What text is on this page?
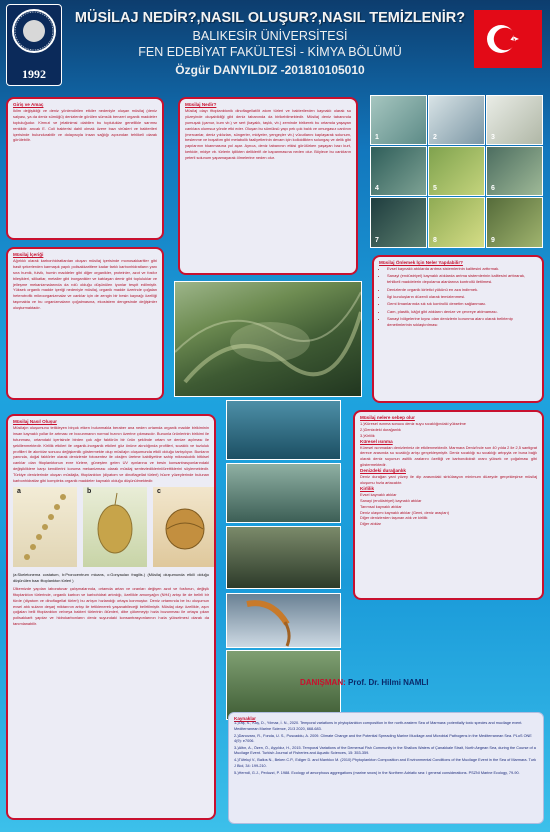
1992
MÜSİLAJ NEDİR?,NASIL OLUŞUR?,NASIL TEMİZLENİR?
BALIKESİR ÜNİVERSİTESİ
FEN EDEBİYAT FAKÜLTESİ - KİMYA BÖLÜMÜ
Özgür DANYILDIZ -201810105010
Giriş ve Amaç

İklim değişikliği ve deniz yönlendirilen etkiler nedeniyle oluşan müsilaj (deniz salyası, ya da deniz sümüğü) denizlerde görülen sümsük benzeri organik maddeler topluluğudur. Kirmızi ve jelatinimsi olabilen bu topluluklar genellikle sarımsı renklidir. ancak E. Coli bakterisi dahil olmak üzere bazı virüsleri ve bakterileri içerisinde bulundurabilir ve dolayısıyla insan sağlığı açısından tehlikeli olarak görülebilir.

Müsilaj Nedir?

Müsilaj olayı fitoplanktonik dinoflagellat/lit atom türleri ve bakterilerden kaynaklı olarak su yüzeyinde oluşabildiği gibi deniz tabanında da birikebilmektedir. Müsilaj deniz tabanında yumuşak (çamur, kum vb.) ve sert (kayalık, taşlık, vb.) zeminde birikerek bu ortamda yaşayan canlılara olumsuz yönde etki eder. Oluşan bu sümüksü yapı pek çok balık ve omurgasız canlının (mercanlar, deniz yıldızları, süngerler, midyeler, yengeçler vb.) vücutlarını kaplayarak solunum, beslenme ve boşaltım gibi metabolik faaliyetlerinin devam için kolloidlikten solungaç ve delik gibi yapılarının tıkanmasına yol açar. Ayrıca, deniz tabanının etkisi görülürken yaşayan bazı kurt, kerkide, midye vb. türlerin içilikten delikleriñ de kapanmasına neden olur. Böylece bu canlıların yeterli solunum yapamayarak ölmelerine neden olur.

Müsilaj İçeriği

Ağırlıklı olarak karbonhidratlardan oluşan müsilaj içerisinde monosakkaritler gibi basit şekerlerden karmaşık yapılı polisakkaritlere kadar farklı karbonhidratların yanı sıra humik, fulvik, humin maddeler gibi diğer organikler, proteinler, azot ve fosfor bileşikleri, silikatlar, metaller gibi inorganikler ve katılayan demir gibi topluluklar ve jelleşme mekanizmalarında da rolü olduğu düşünülen iyonlar tespit edilmiştir. Yüksek organik madde içeriği nedeniyle müsilaj, organik madde üzerinde çoğalan heterotrofik mikroorganizmalar ve canlılar için de zengin bir besin kaynağı özelliği taşımakta ve bu organizmaların çoğalmasına, ekosistem dengesinde değişimler oluşturmaktadır.

1	2	3
4	5	6
7	8	9
Müsilaj Önlemek İçin Neler Yapılabilir?
• Evsel kaynaklı atıklarda arıtma sistemlerinin kalitesini arttırmak.
• Sanayi (endüstriyel) kaynaklı atıklarda arıtma sistemlerinin kalitesini arttırarak, tehlikeli maddelerin depolama alanlarına kontrollü iletilmesi.
• Denizlerde organik kirletici yükünü en aza indirmek.
• İlgi kuruluşların düzenli olarak temizlenmesi.
• Gemi limanlarında sık sık kontrollü denetim sağlanması.
• Cam, plastik, kâğıt gibi atıkların denize ve çevreye atılmaması.
• Sanayi bölgelerine kıyısı olan denizlerin korunma alanı olarak belirlenip denetimlerinin sıklaştırılması
Müsilaj Nasıl Oluşur

Müsilajın oluşumunu tetikleyen birçok etken bulunmakla beraber ana neden ortamda organik madde birikiminin insan kaynaklı yollar ile artması ve bocunmanın normal hızının üzerine çıkmasıdır. Bununla ürünlerinin birikimi ile tutunması, ortamdaki içerisinde birden çok ağır faktörün bir ürün şeklinde ortam ve denize açılması ile şekillenmektedir. Kirlilik etkileri ile organik-inorganik etkileri göz önüne alındığında profilleri, sıcaklık ve tuzluluk profilleri ile akıntılar sonucu değişkenlik göstermekte olup müsilajın oluşumunda etkili olduğu tartışılıyor. Bunların yanında, doğal faktörler olarak denizlerde fotosentez ile oksijen üretme kabiliyetine sahip mikroskobik bitkisel canlılar olan fitoplanktonun evre türlere, güneşten gelen UV ışınlarına ve besin konsantrasyonlarındaki değişikliklere karşı kendilerini koruma mekanizması olarak müsilaj sentezlediklerini/ürettiklerini söylemektedir. Türkiye denizlerinde oluşan müsilajla, fitoplankton (diyatom ve dinoflagellat türleri) hücre yüzeylerinde bulunan karbonhidratlar gibi kompleks organik maddeler kaynaklı olduğu düşünülmektedir.

a	b	c

(a:Skeletonema costatum, b:Prorocentrum micans, c:Gonyaulax fragilis.) (Müsilaj oluşumunda etkili olduğu düşünülen bazı fitoplankton türleri )

Ülkemizde yapılan laboratuvar çalışmalarında, ortamda artan ve oranları değişen azot ve fosforun, değişik fitoplankton türlerinde, organik karbon ve karbohidrat artırdığı, özellikle amonyağın (NH4) artışı ile de belirli bir türde (diyatom ve dinoflagellat türleri) bu artışın hızlandığı ortaya konmuştur. Deniz ortamında be bu oluşumun evsel atık suların deşarj miktarının artışı ile tetiklenerek yaşanabileceği belirtilmiştir. Müsilaj olayı özellikle, aşırı çoğalan belli fitoplankton ve/veya bakteri türlerinin ölümleri, dibe çökemeyip hızla bozunması ile ortaya çıkan polisakkarit yapılar ve hidrokarbonların deniz suyundaki konsantrasyonlarının hızla yükselmesi olarak da tanımlanabilir.

Müsilaj nelere sebep olur

1.)Küresel ısınma sonucu deniz suyu sıcaklığındaki yükselme

2.)Denizdeki durağanlık

3.)Kirlilik

Küresel ısınma

Küresel ısınmadan denizlerimiz de etkilenmektedir. Marmara Denizi'nde son 40 yılda 2 ile 2,5 santigrat derece arasında su sıcaklığı artışı gerçekleşmiştir. Deniz sıcaklığı su sıcaklığı artışıyla ve buna bağlı olarak deniz suyunun asitlik aralarını özelliği ve karbondioksit oranı yüksek ve çoğalması gibi göstermektedir.

Denizdeki durağanlık

Deniz durağan yani yüzey ile dip arasındaki sirkülasyon minimum düzeyde gerçekleşirse müsilaj oluşumu hızla artacaktır.

Kirlilik

Evsel kaynaklı atıklar

Sanayi (endüstriyel) kaynaklı atıklar

Tarımsal kaynaklı atıklar

Deniz ulaşımı kaynaklı atıklar (Gemi, deniz araçları)

Diğer denizlerden taşınan atık ve kirlilik

Diğer atıklar

DANIŞMAN: Prof. Dr. Hilmi NAMLI
Kaynaklar

1-)Taş, S., Kuş, D., Yılmaz, İ. N., 2020. Temporal variations in phytoplankton composition in the north-eastern Sea of Marmara: potentially toxic species and mucilage event. Mediterranean Marine Science, 21/3 2020, 668-683.

2-)Danovaro, R., Fonda, U. S., Puscaddu, A. 2009. Climate Change and the Potential Spreading Marine Mucilage and Microbial Pathogens in the Mediterranean Sea. PLoS ONE 4(9): e7006.

3-)Altın, A., Özen, Ö., Ayyıldız, H., 2015. Temporal Variations of the Demersal Fish Community in the Shallow Waters of Çanakkale Strait, North Aegean Sea, during the Course of a Mucilage Event. Turkish Journal of Fisheries and Aquatic Sciences, 15: 353-359.

4-)Tüfekçi V., Balkıs N., Beken C.P., Ediger D. and Mantıkcı M. (2010) Phytoplankton Composition and Environmental Conditions of the Mucilage Event in the Sea of Marmara. Turk J Biol, 34: 199-210.

5-)Herndl, G.J., Peduzzi, P. 1988. Ecology of amorphous aggregations (marine snow) in the Northern Adriatic sea: I general considerations. PSZNI Marine Ecology, 79-90.
